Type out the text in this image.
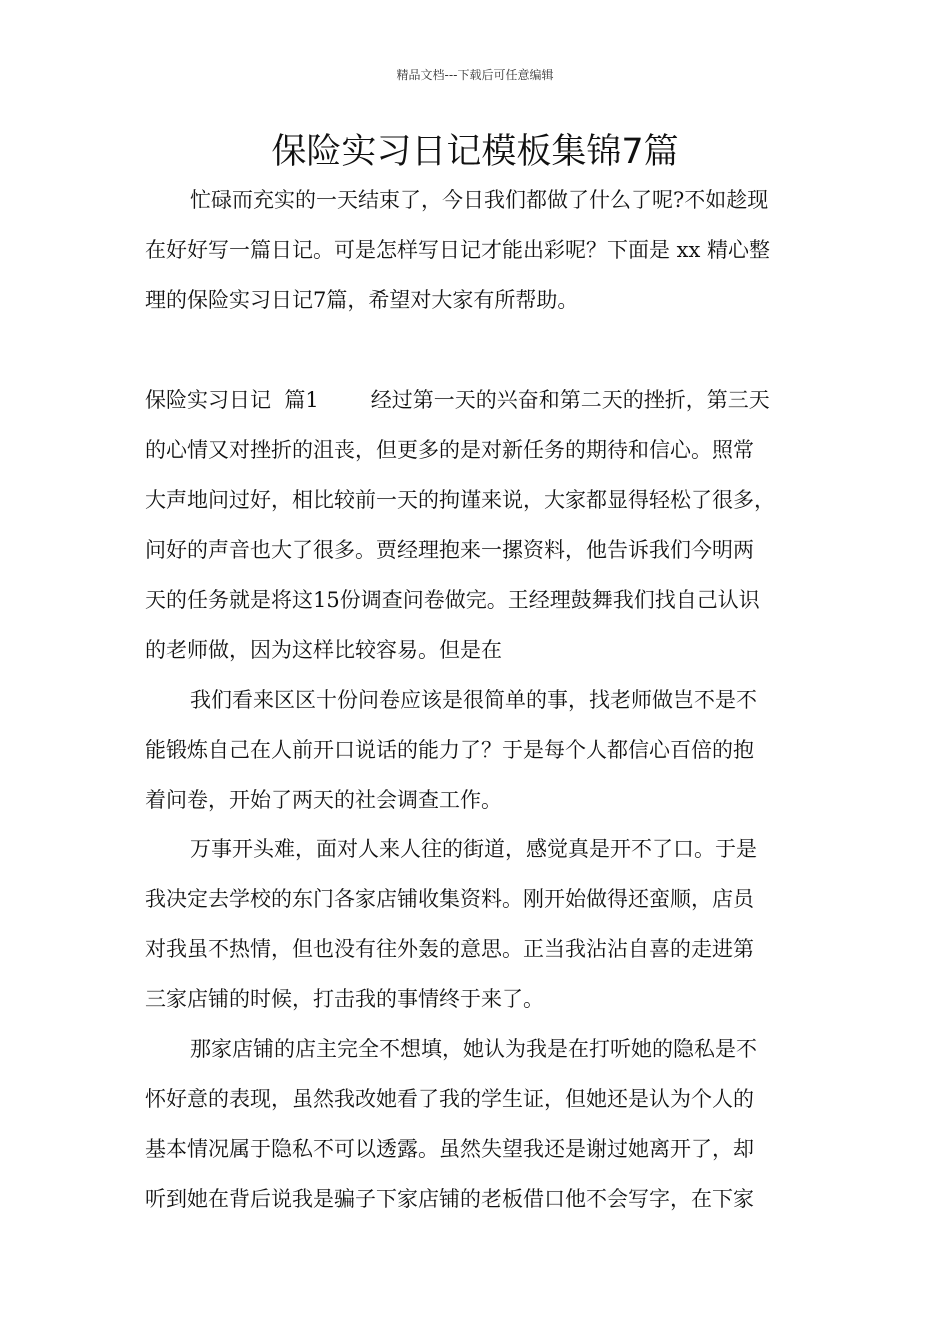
精品文档---下载后可任意编辑
保险实习日记模板集锦7篇
忙碌而充实的一天结束了，今日我们都做了什么了呢?不如趁现
在好好写一篇日记。可是怎样写日记才能出彩呢？下面是 xx 精心整
理的保险实习日记7篇，希望对大家有所帮助。
保险实习日记  篇1 经过第一天的兴奋和第二天的挫折，第三天
的心情又对挫折的沮丧，但更多的是对新任务的期待和信心。照常
大声地问过好，相比较前一天的拘谨来说，大家都显得轻松了很多，
问好的声音也大了很多。贾经理抱来一摞资料，他告诉我们今明两
天的任务就是将这15份调查问卷做完。王经理鼓舞我们找自己认识
的老师做，因为这样比较容易。但是在
我们看来区区十份问卷应该是很简单的事，找老师做岂不是不
能锻炼自己在人前开口说话的能力了？于是每个人都信心百倍的抱
着问卷，开始了两天的社会调查工作。
万事开头难，面对人来人往的街道，感觉真是开不了口。于是
我决定去学校的东门各家店铺收集资料。刚开始做得还蛮顺，店员
对我虽不热情，但也没有往外轰的意思。正当我沾沾自喜的走进第
三家店铺的时候，打击我的事情终于来了。
那家店铺的店主完全不想填，她认为我是在打听她的隐私是不
怀好意的表现，虽然我改她看了我的学生证，但她还是认为个人的
基本情况属于隐私不可以透露。虽然失望我还是谢过她离开了，却
听到她在背后说我是骗子下家店铺的老板借口他不会写字，在下家
